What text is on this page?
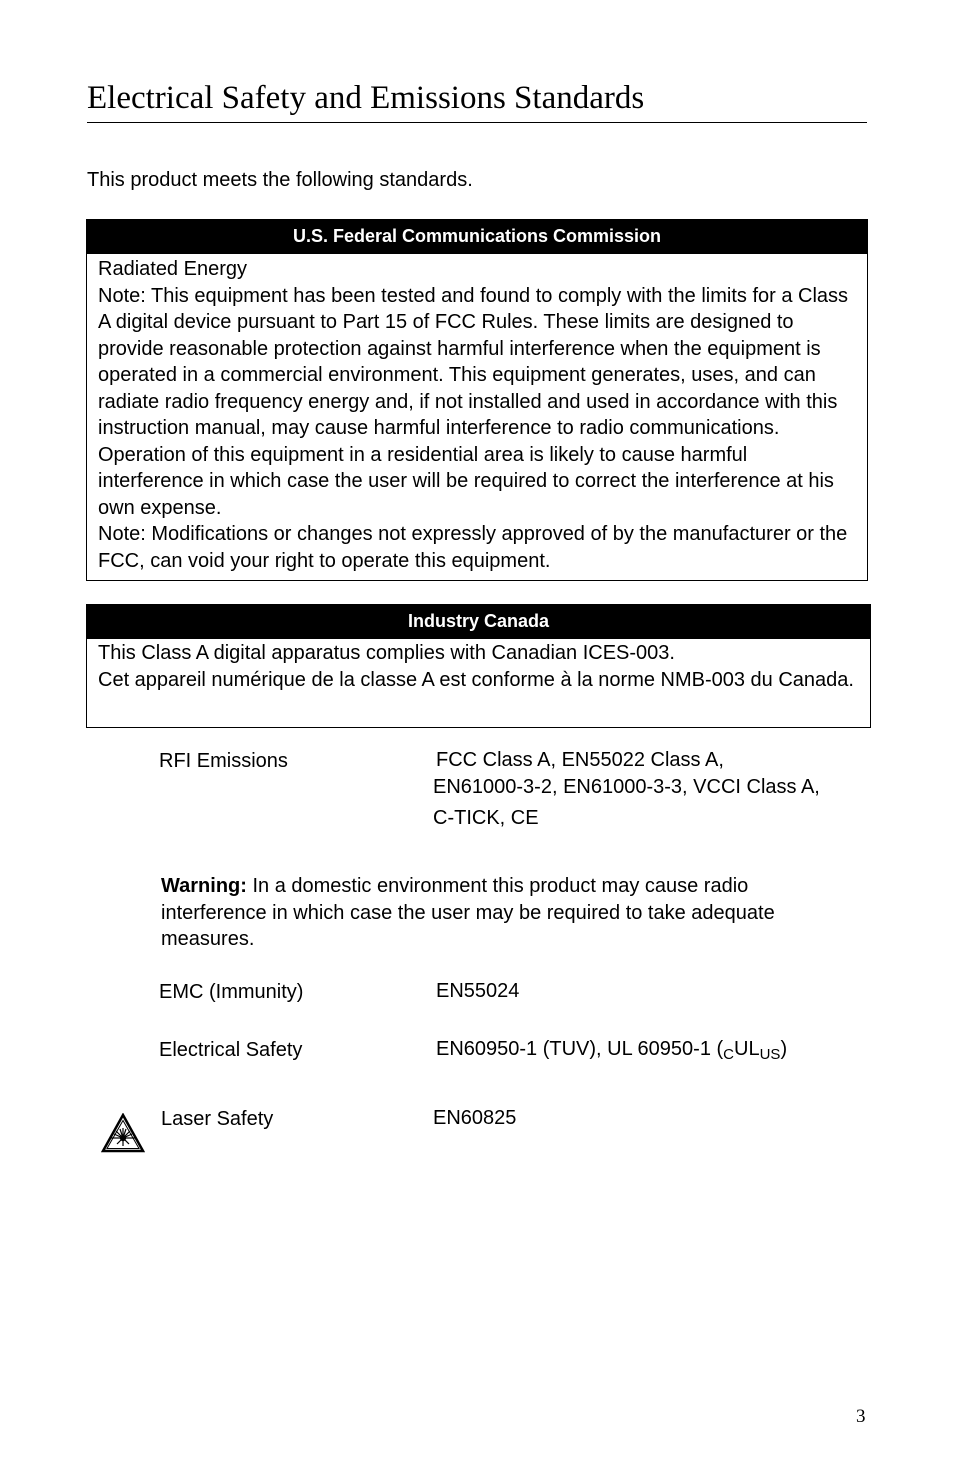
Electrical Safety and Emissions Standards

This product meets the following standards.

U.S. Federal Communications Commission

Radiated Energy

Note: This equipment has been tested and found to comply with the limits for a Class A digital device pursuant to Part 15 of FCC Rules. These limits are designed to provide reasonable protection against harmful interference when the equipment is operated in a commercial environment. This equipment generates, uses, and can radiate radio frequency energy and, if not installed and used in accordance with this instruction manual, may cause harmful interference to radio communications. Operation of this equipment in a residential area is likely to cause harmful interference in which case the user will be required to correct the interference at his own expense.

Note: Modifications or changes not expressly approved of by the manufacturer or the FCC, can void your right to operate this equipment.

Industry Canada

This Class A digital apparatus complies with Canadian ICES-003.

Cet appareil numérique de la classe A est conforme à la norme NMB-003 du Canada.

RFI Emissions	FCC Class A, EN55022 Class A,

EN61000-3-2, EN61000-3-3, VCCI Class A,

C-TICK, CE

Warning: In a domestic environment this product may cause radio interference in which case the user may be required to take adequate measures.

EMC (Immunity)	EN55024

Electrical Safety	EN60950-1 (TUV), UL 60950-1 $(_CUL_{US})$

Laser Safety	EN60825

3
